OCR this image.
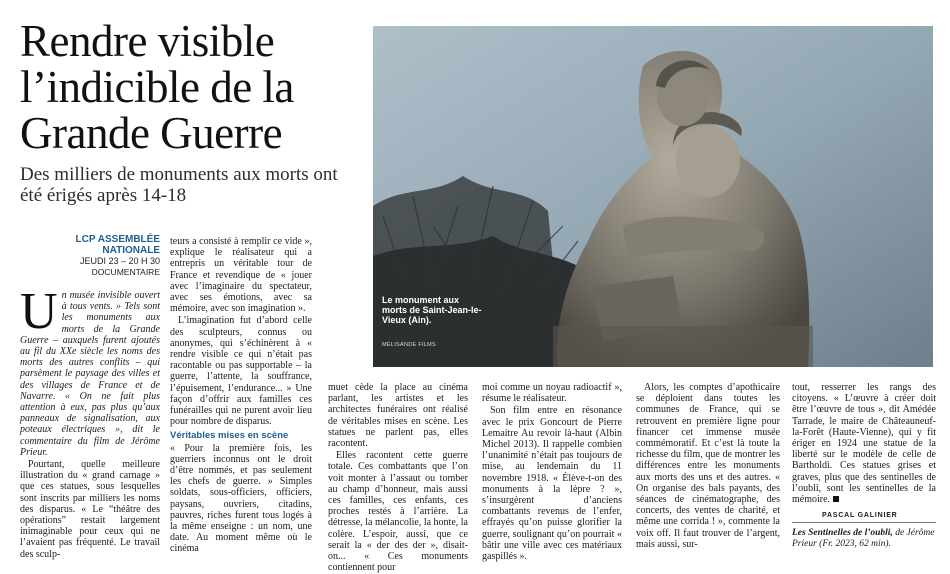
Rendre visible l’indicible de la Grande Guerre

Des milliers de monuments aux morts ont été érigés après 14-18

Le monument aux morts de Saint-Jean-le-Vieux (Ain).
MÉLISANDE FILMS
LCP ASSEMBLÉE NATIONALE
JEUDI 23 – 20 H 30
DOCUMENTAIRE

Un musée invisible ouvert à tous vents. » Tels sont les monuments aux morts de la Grande Guerre – auxquels furent ajoutés au fil du XXe siècle les noms des morts des autres conflits – qui parsèment le paysage des villes et des villages de France et de Navarre. « On ne fait plus attention à eux, pas plus qu’aux panneaux de signalisation, aux poteaux électriques », dit le commentaire du film de Jérôme Prieur.

Pourtant, quelle meilleure illustration du « grand carnage » que ces statues, sous lesquelles sont inscrits par milliers les noms des disparus. « Le “théâtre des opérations” restait largement inimaginable pour ceux qui ne l’avaient pas fréquenté. Le travail des sculp-

teurs a consisté à remplir ce vide », explique le réalisateur qui a entrepris un véritable tour de France et revendique de « jouer avec l’imaginaire du spectateur, avec ses émotions, avec sa mémoire, avec son imagination ».

L’imagination fut d’abord celle des sculpteurs, connus ou anonymes, qui s’échinèrent à « rendre visible ce qui n’était pas racontable ou pas supportable – la guerre, l’attente, la souffrance, l’épuisement, l’endurance... » Une façon d’offrir aux familles ces funérailles qui ne purent avoir lieu pour nombre de disparus.

Véritables mises en scène

« Pour la première fois, les guerriers inconnus ont le droit d’être nommés, et pas seulement les chefs de guerre. » Simples soldats, sous-officiers, officiers, paysans, ouvriers, citadins, pauvres, riches furent tous logés à la même enseigne : un nom, une date. Au moment même où le cinéma

muet cède la place au cinéma parlant, les artistes et les architectes funéraires ont réalisé de véritables mises en scène. Les statues ne parlent pas, elles racontent.

Elles racontent cette guerre totale. Ces combattants que l’on voit monter à l’assaut ou tomber au champ d’honneur, mais aussi ces familles, ces enfants, ces proches restés à l’arrière. La détresse, la mélancolie, la honte, la colère. L’espoir, aussi, que ce serait la « der des der », disait-on... « Ces monuments contiennent pour

moi comme un noyau radioactif », résume le réalisateur.

Son film entre en résonance avec le prix Goncourt de Pierre Lemaitre Au revoir là-haut (Albin Michel 2013). Il rappelle combien l’unanimité n’était pas toujours de mise, au lendemain du 11 novembre 1918. « Élève-t-on des monuments à la lèpre ? », s’insurgèrent d’anciens combattants revenus de l’enfer, effrayés qu’on puisse glorifier la guerre, soulignant qu’on pourrait « bâtir une ville avec ces matériaux gaspillés ».

Alors, les comptes d’apothicaire se déploient dans toutes les communes de France, qui se retrouvent en première ligne pour financer cet immense musée commémoratif. Et c’est là toute la richesse du film, que de montrer les différences entre les monuments aux morts des uns et des autres. « On organise des bals payants, des séances de cinématographe, des concerts, des ventes de charité, et même une corrida ! », commente la voix off. Il faut trouver de l’argent, mais aussi, sur-

tout, resserrer les rangs des citoyens. « L’œuvre à créer doit être l’œuvre de tous », dit Amédée Tarrade, le maire de Châteauneuf-la-Forêt (Haute-Vienne), qui y fit ériger en 1924 une statue de la liberté sur le modèle de celle de Bartholdi. Ces statues grises et graves, plus que des sentinelles de l’oubli, sont les sentinelles de la mémoire.

PASCAL GALINIER
Les Sentinelles de l’oubli, de Jérôme Prieur (Fr. 2023, 62 min).
